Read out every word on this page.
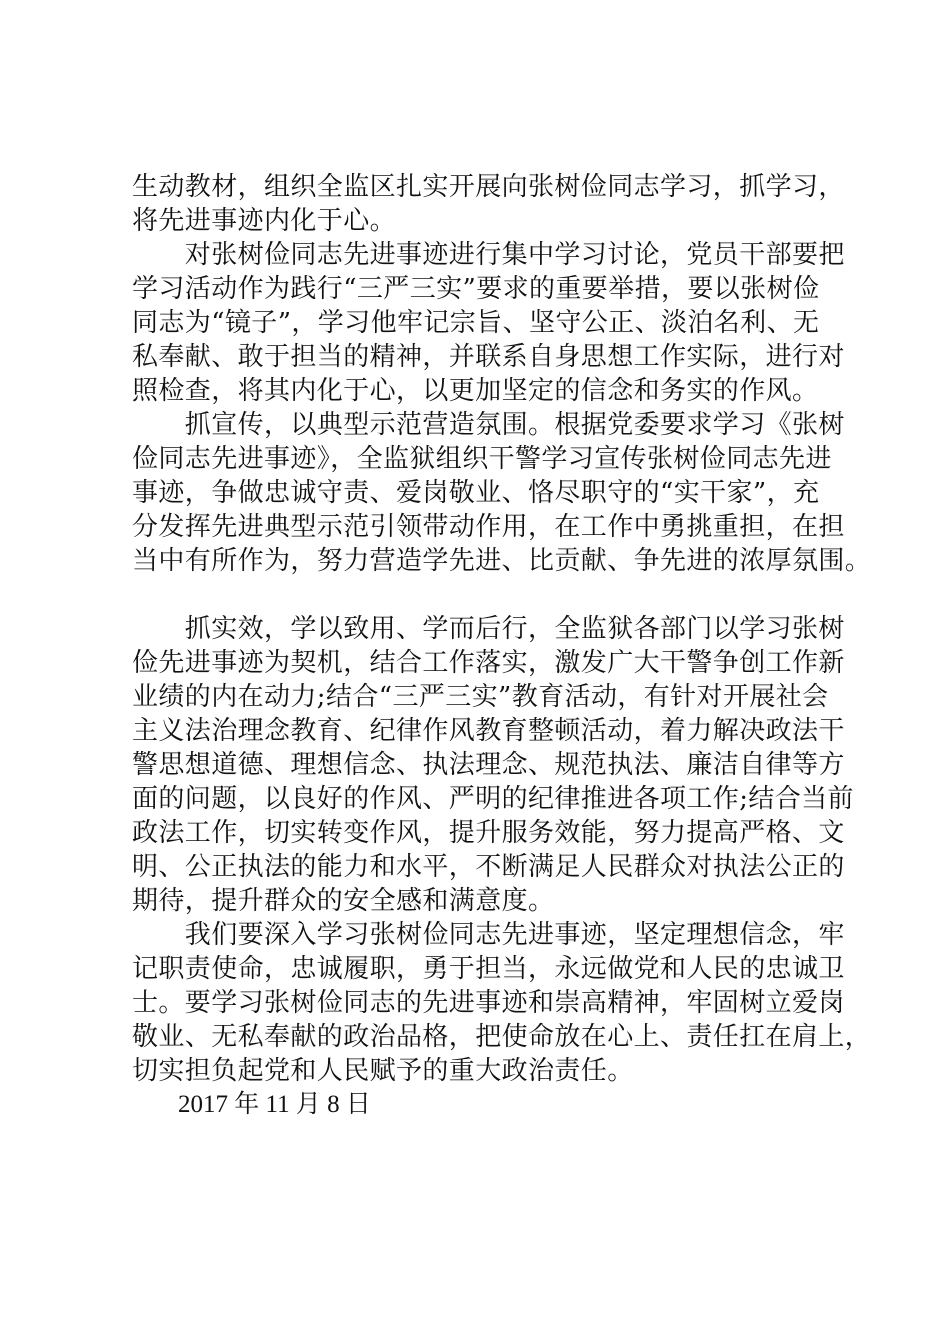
生动教材，组织全监区扎实开展向张树俭同志学习，抓学习，
将先进事迹内化于心。
　　对张树俭同志先进事迹进行集中学习讨论，党员干部要把
学习活动作为践行“三严三实”要求的重要举措，要以张树俭
同志为“镜子”，学习他牢记宗旨、坚守公正、淡泊名利、无
私奉献、敢于担当的精神，并联系自身思想工作实际，进行对
照检查，将其内化于心，以更加坚定的信念和务实的作风。
　　抓宣传，以典型示范营造氛围。根据党委要求学习《张树
俭同志先进事迹》，全监狱组织干警学习宣传张树俭同志先进
事迹，争做忠诚守责、爱岗敬业、恪尽职守的“实干家”，充
分发挥先进典型示范引领带动作用，在工作中勇挑重担，在担
当中有所作为，努力营造学先进、比贡献、争先进的浓厚氛围。
　　抓实效，学以致用、学而后行，全监狱各部门以学习张树
俭先进事迹为契机，结合工作落实，激发广大干警争创工作新
业绩的内在动力;结合“三严三实”教育活动，有针对开展社会
主义法治理念教育、纪律作风教育整顿活动，着力解决政法干
警思想道德、理想信念、执法理念、规范执法、廉洁自律等方
面的问题，以良好的作风、严明的纪律推进各项工作;结合当前
政法工作，切实转变作风，提升服务效能，努力提高严格、文
明、公正执法的能力和水平，不断满足人民群众对执法公正的
期待，提升群众的安全感和满意度。
　　我们要深入学习张树俭同志先进事迹，坚定理想信念，牢
记职责使命，忠诚履职，勇于担当，永远做党和人民的忠诚卫
士。要学习张树俭同志的先进事迹和崇高精神，牢固树立爱岗
敬业、无私奉献的政治品格，把使命放在心上、责任扛在肩上，
切实担负起党和人民赋予的重大政治责任。
2017 年 11 月 8 日
